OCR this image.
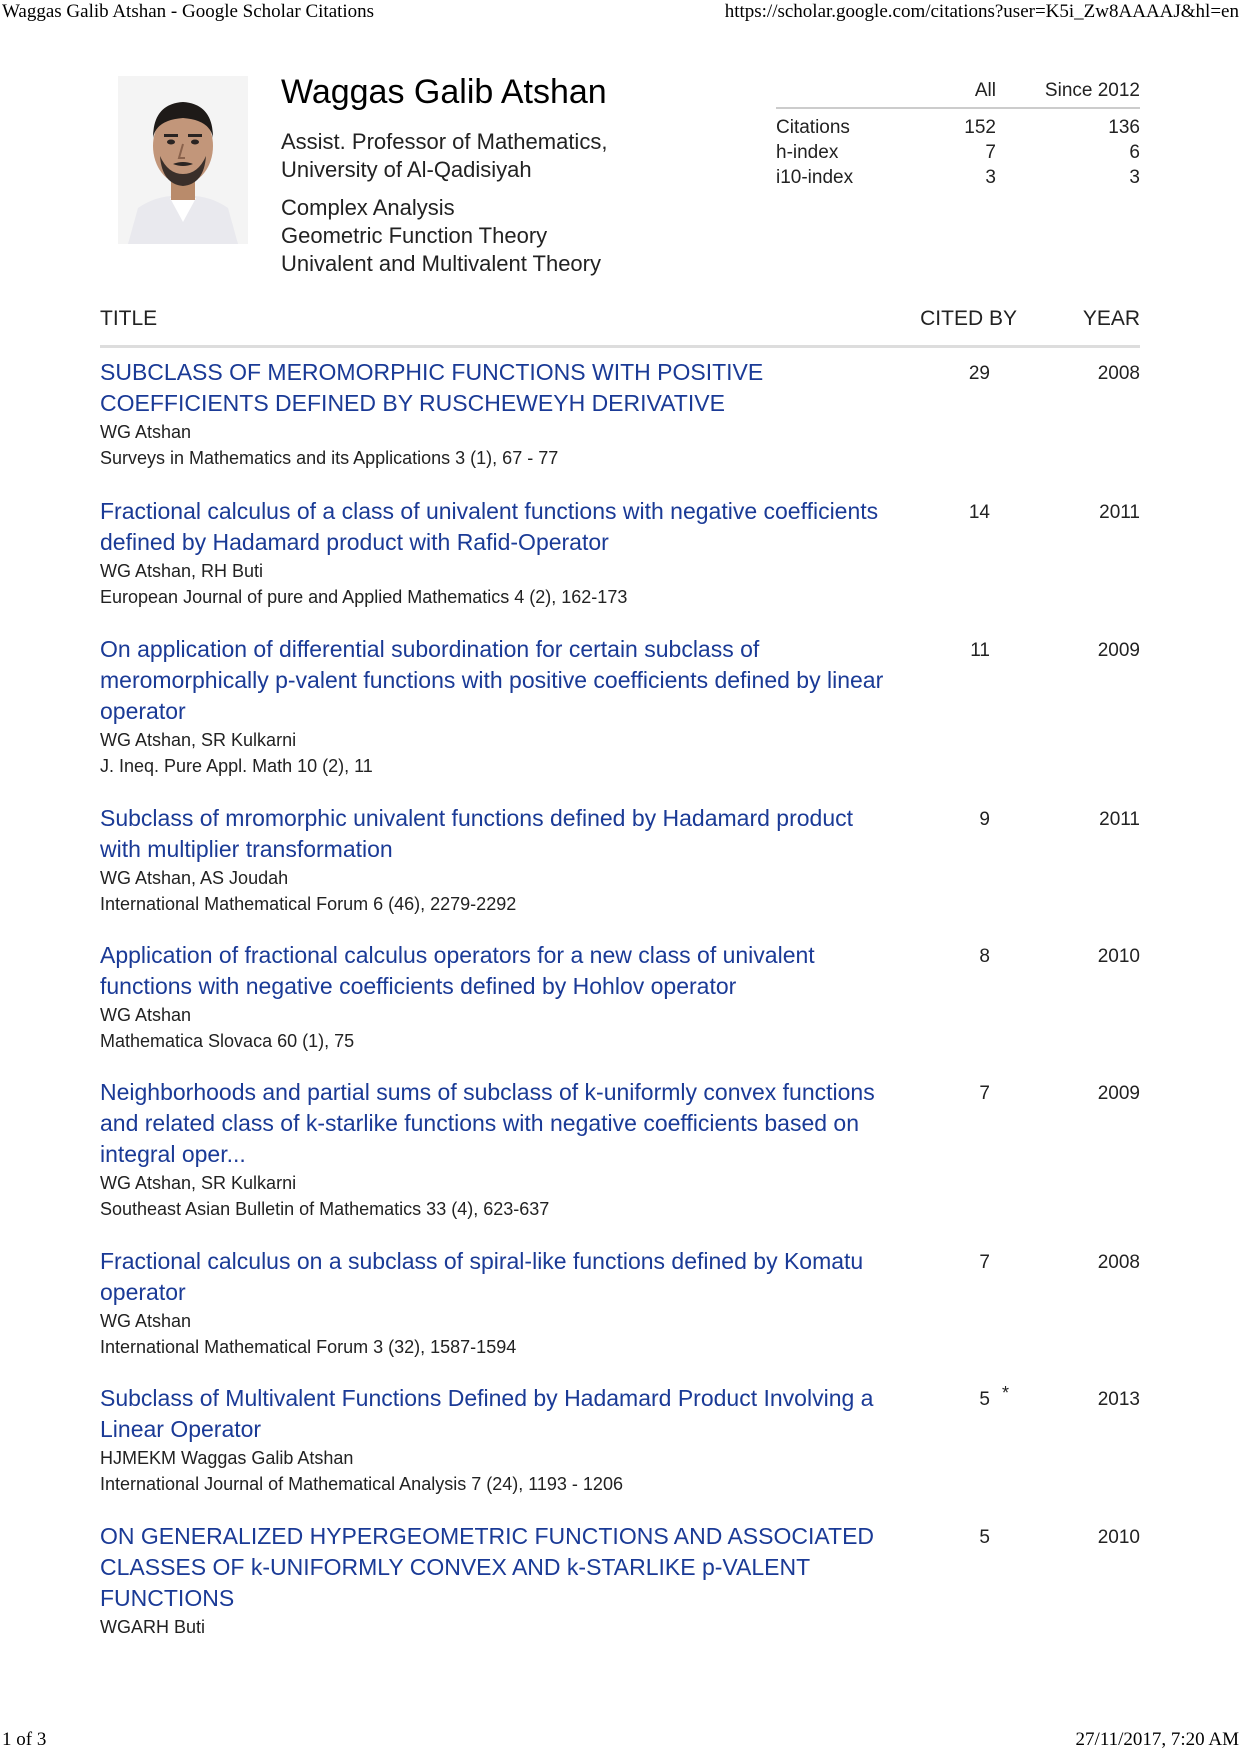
Waggas Galib Atshan - Google Scholar Citations	https://scholar.google.com/citations?user=K5i_Zw8AAAAJ&hl=en
Waggas Galib Atshan
Assist. Professor of Mathematics, University of Al-Qadisiyah
Complex Analysis
Geometric Function Theory
Univalent and Multivalent Theory
	All	Since 2012
Citations	152	136
h-index	7	6
i10-index	3	3
TITLE	CITED BY	YEAR
SUBCLASS OF MEROMORPHIC FUNCTIONS WITH POSITIVE COEFFICIENTS DEFINED BY RUSCHEWEYH DERIVATIVE
WG Atshan
Surveys in Mathematics and its Applications 3 (1), 67 - 77
29	2008
Fractional calculus of a class of univalent functions with negative coefficients defined by Hadamard product with Rafid-Operator
WG Atshan, RH Buti
European Journal of pure and Applied Mathematics 4 (2), 162-173
14	2011
On application of differential subordination for certain subclass of meromorphically p-valent functions with positive coefficients defined by linear operator
WG Atshan, SR Kulkarni
J. Ineq. Pure Appl. Math 10 (2), 11
11	2009
Subclass of mromorphic univalent functions defined by Hadamard product with multiplier transformation
WG Atshan, AS Joudah
International Mathematical Forum 6 (46), 2279-2292
9	2011
Application of fractional calculus operators for a new class of univalent functions with negative coefficients defined by Hohlov operator
WG Atshan
Mathematica Slovaca 60 (1), 75
8	2010
Neighborhoods and partial sums of subclass of k-uniformly convex functions and related class of k-starlike functions with negative coefficients based on integral oper...
WG Atshan, SR Kulkarni
Southeast Asian Bulletin of Mathematics 33 (4), 623-637
7	2009
Fractional calculus on a subclass of spiral-like functions defined by Komatu operator
WG Atshan
International Mathematical Forum 3 (32), 1587-1594
7	2008
Subclass of Multivalent Functions Defined by Hadamard Product Involving a Linear Operator
HJMEKM Waggas Galib Atshan
International Journal of Mathematical Analysis 7 (24), 1193 - 1206
5 *	2013
ON GENERALIZED HYPERGEOMETRIC FUNCTIONS AND ASSOCIATED CLASSES OF k-UNIFORMLY CONVEX AND k-STARLIKE p-VALENT FUNCTIONS
WGARH Buti
5	2010
1 of 3	27/11/2017, 7:20 AM
